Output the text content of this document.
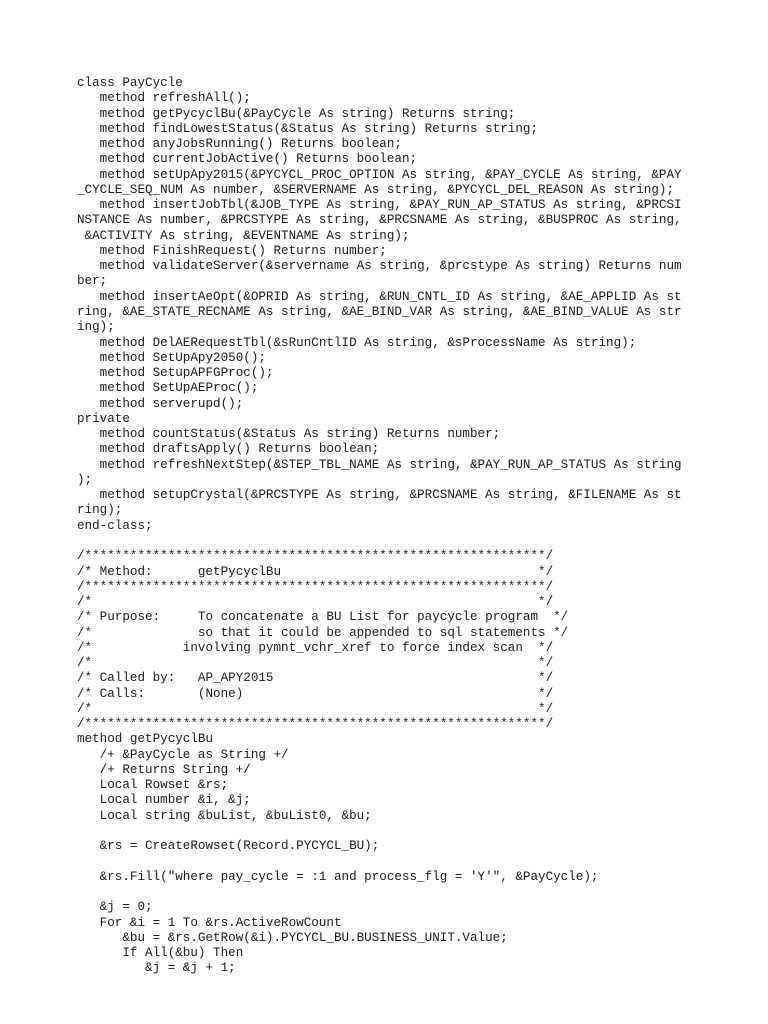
class PayCycle
method refreshAll();
method getPycyclBu(&PayCycle As string) Returns string;
method findLowestStatus(&Status As string) Returns string;
method anyJobsRunning() Returns boolean;
method currentJobActive() Returns boolean;
method setUpApy2015(&PYCYCL_PROC_OPTION As string, &PAY_CYCLE As string, &PAY
_CYCLE_SEQ_NUM As number, &SERVERNAME As string, &PYCYCL_DEL_REASON As string);
method insertJobTbl(&JOB_TYPE As string, &PAY_RUN_AP_STATUS As string, &PRCSI
NSTANCE As number, &PRCSTYPE As string, &PRCSNAME As string, &BUSPROC As string,
&ACTIVITY As string, &EVENTNAME As string);
method FinishRequest() Returns number;
method validateServer(&servername As string, &prcstype As string) Returns num
ber;
method insertAeOpt(&OPRID As string, &RUN_CNTL_ID As string, &AE_APPLID As st
ring, &AE_STATE_RECNAME As string, &AE_BIND_VAR As string, &AE_BIND_VALUE As str
ing);
method DelAERequestTbl(&sRunCntlID As string, &sProcessName As string);
method SetUpApy2050();
method SetupAPFGProc();
method SetUpAEProc();
method serverupd();
private
method countStatus(&Status As string) Returns number;
method draftsApply() Returns boolean;
method refreshNextStep(&STEP_TBL_NAME As string, &PAY_RUN_AP_STATUS As string
);
method setupCrystal(&PRCSTYPE As string, &PRCSNAME As string, &FILENAME As st
ring);
end-class;

/*************************************************************/
/* Method:      getPycyclBu                                  */
/*************************************************************/
/*                                                           */
/* Purpose:     To concatenate a BU List for paycycle program  */
/*              so that it could be appended to sql statements */
/*            involving pymnt_vchr_xref to force index scan  */
/*                                                           */
/* Called by:   AP_APY2015                                   */
/* Calls:       (None)                                       */
/*                                                           */
/*************************************************************/
method getPycyclBu
/+ &PayCycle as String +/
/+ Returns String +/
Local Rowset &rs;
Local number &i, &j;
Local string &buList, &buList0, &bu;

&rs = CreateRowset(Record.PYCYCL_BU);

&rs.Fill("where pay_cycle = :1 and process_flg = 'Y'", &PayCycle);

&j = 0;
For &i = 1 To &rs.ActiveRowCount
&bu = &rs.GetRow(&i).PYCYCL_BU.BUSINESS_UNIT.Value;
If All(&bu) Then
&j = &j + 1;
